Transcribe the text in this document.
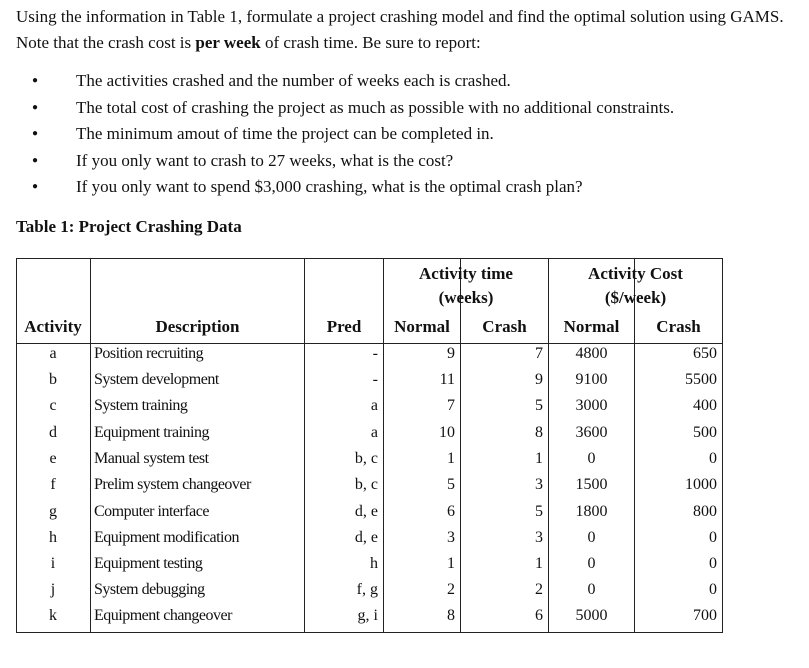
Using the information in Table 1, formulate a project crashing model and find the optimal solution using GAMS. Note that the crash cost is per week of crash time. Be sure to report:

● The activities crashed and the number of weeks each is crashed.
● The total cost of crashing the project as much as possible with no additional constraints.
● The minimum amout of time the project can be completed in.
● If you only want to crash to 27 weeks, what is the cost?
● If you only want to spend $3,000 crashing, what is the optimal crash plan?

Table 1: Project Crashing Data

Activity time
(weeks)
Activity Cost
($/week)
Activity	Description	Pred	Normal	Crash	Normal	Crash
a	Position recruiting	-	9	7	4800	650
b	System development	-	11	9	9100	5500
c	System training	a	7	5	3000	400
d	Equipment training	a	10	8	3600	500
e	Manual system test	b, c	1	1	0	0
f	Prelim system changeover	b, c	5	3	1500	1000
g	Computer interface	d, e	6	5	1800	800
h	Equipment modification	d, e	3	3	0	0
i	Equipment testing	h	1	1	0	0
j	System debugging	f, g	2	2	0	0
k	Equipment changeover	g, i	8	6	5000	700
